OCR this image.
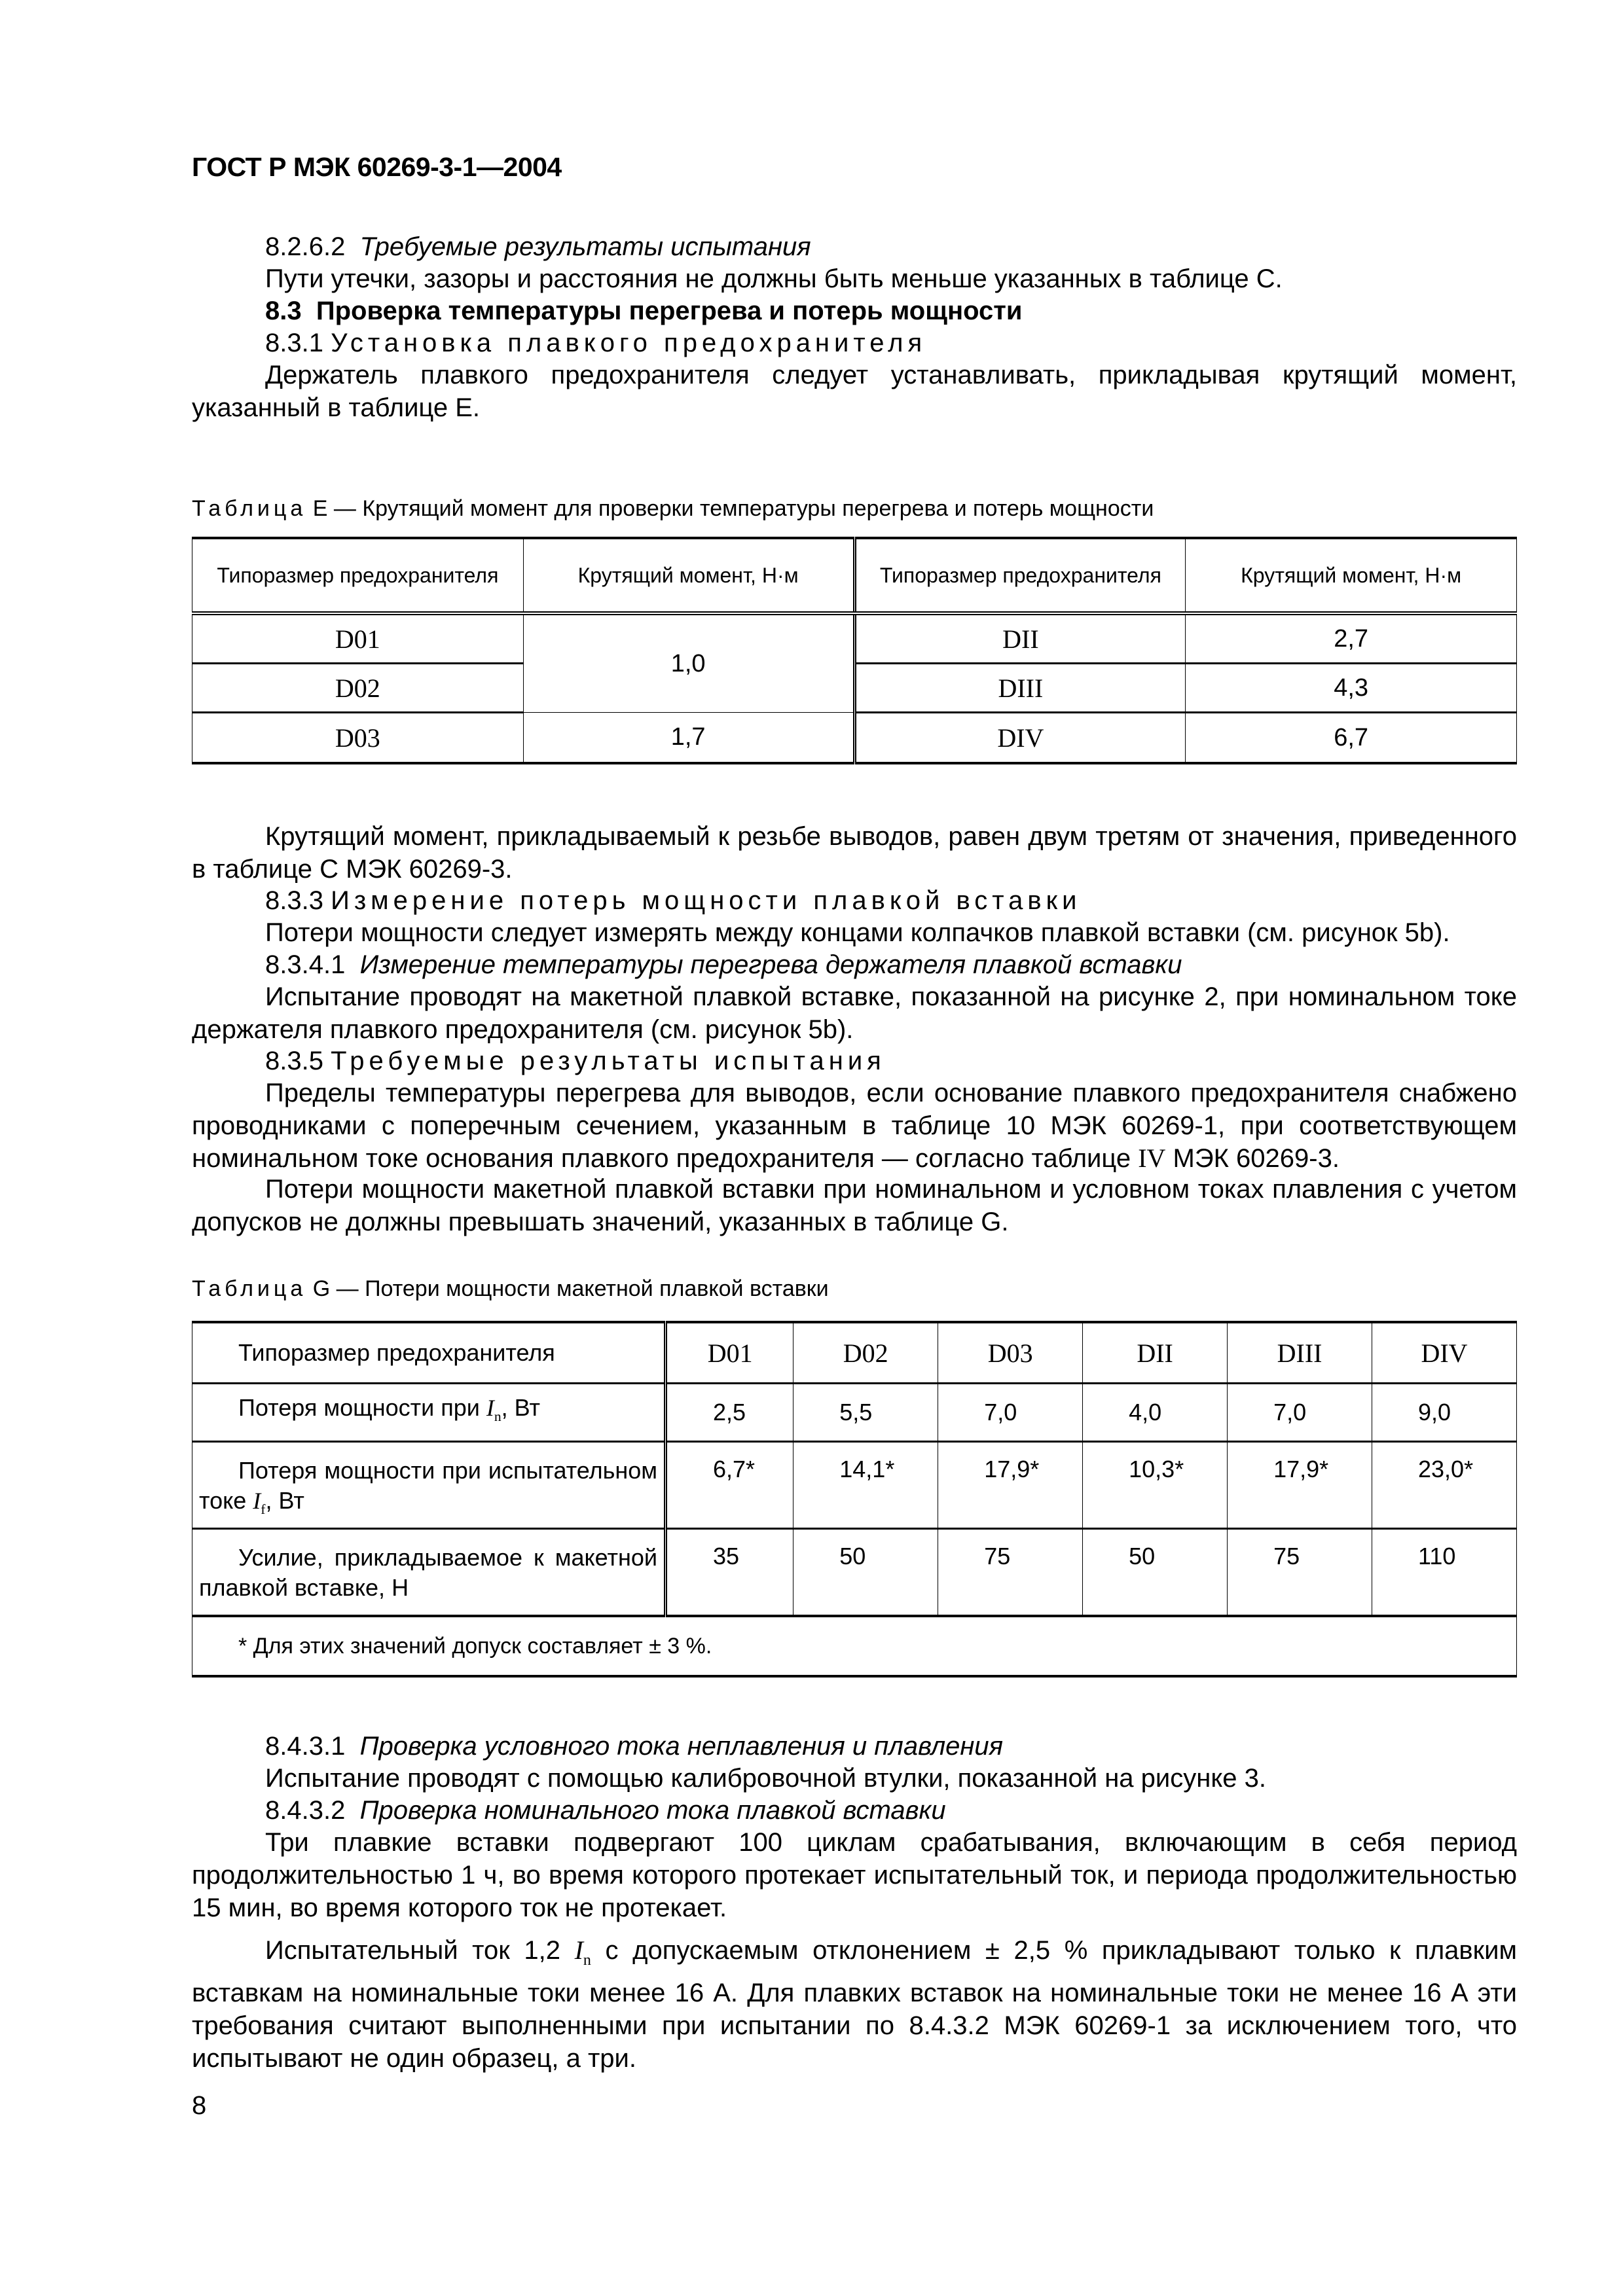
ГОСТ Р МЭК 60269-3-1—2004
8.2.6.2 Требуемые результаты испытания
Пути утечки, зазоры и расстояния не должны быть меньше указанных в таблице С.
8.3 Проверка температуры перегрева и потерь мощности
8.3.1 Установка плавкого предохранителя
Держатель плавкого предохранителя следует устанавливать, прикладывая крутящий момент, указанный в таблице Е.
Таблица Е — Крутящий момент для проверки температуры перегрева и потерь мощности
Типоразмер предохранителя	Крутящий момент, Н·м	Типоразмер предохранителя	Крутящий момент, Н·м
D01	1,0	DII	2,7
D02		DIII	4,3
D03	1,7	DIV	6,7
Крутящий момент, прикладываемый к резьбе выводов, равен двум третям от значения, приведенного в таблице С МЭК 60269-3.
8.3.3 Измерение потерь мощности плавкой вставки
Потери мощности следует измерять между концами колпачков плавкой вставки (см. рисунок 5b).
8.3.4.1 Измерение температуры перегрева держателя плавкой вставки
Испытание проводят на макетной плавкой вставке, показанной на рисунке 2, при номинальном токе держателя плавкого предохранителя (см. рисунок 5b).
8.3.5 Требуемые результаты испытания
Пределы температуры перегрева для выводов, если основание плавкого предохранителя снабжено проводниками с поперечным сечением, указанным в таблице 10 МЭК 60269-1, при соответствующем номинальном токе основания плавкого предохранителя — согласно таблице IV МЭК 60269-3.
Потери мощности макетной плавкой вставки при номинальном и условном токах плавления с учетом допусков не должны превышать значений, указанных в таблице G.
Таблица G — Потери мощности макетной плавкой вставки
Типоразмер предохранителя	D01	D02	D03	DII	DIII	DIV
Потеря мощности при $I_n$, Вт	2,5	5,5	7,0	4,0	7,0	9,0
Потеря мощности при испытательном токе $I_f$, Вт	6,7*	14,1*	17,9*	10,3*	17,9*	23,0*
Усилие, прикладываемое к макетной плавкой вставке, Н	35	50	75	50	75	110
* Для этих значений допуск составляет ± 3 %.						
8.4.3.1 Проверка условного тока неплавления и плавления
Испытание проводят с помощью калибровочной втулки, показанной на рисунке 3.
8.4.3.2 Проверка номинального тока плавкой вставки
Три плавкие вставки подвергают 100 циклам срабатывания, включающим в себя период продолжительностью 1 ч, во время которого протекает испытательный ток, и периода продолжительностью 15 мин, во время которого ток не протекает.
Испытательный ток 1,2 $I_n$ с допускаемым отклонением ± 2,5 % прикладывают только к плавким вставкам на номинальные токи менее 16 А. Для плавких вставок на номинальные токи не менее 16 А эти требования считают выполненными при испытании по 8.4.3.2 МЭК 60269-1 за исключением того, что испытывают не один образец, а три.
8
